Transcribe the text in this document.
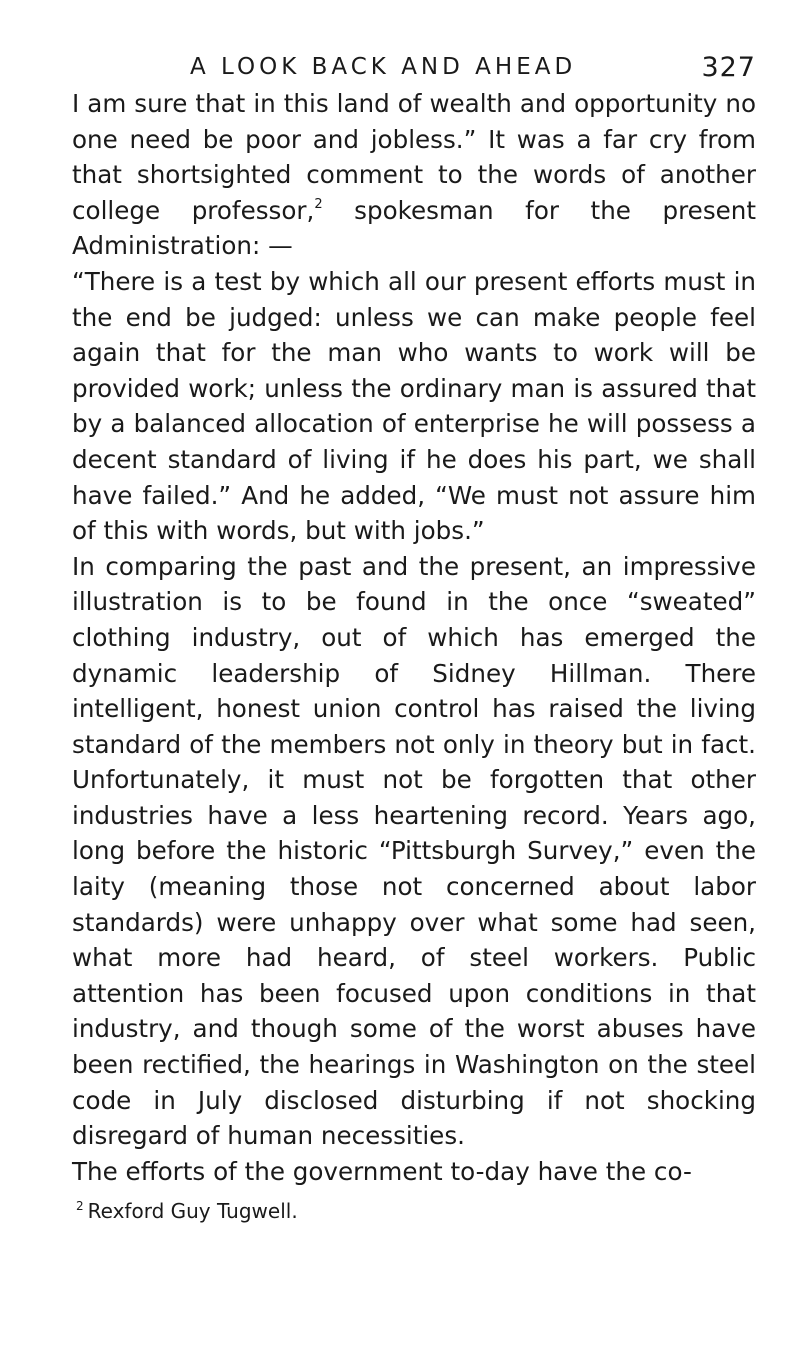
A LOOK BACK AND AHEAD	327

I am sure that in this land of wealth and opportunity no one need be poor and jobless.” It was a far cry from that shortsighted comment to the words of another college professor,$^2$ spokesman for the present Administration: —

“There is a test by which all our present efforts must in the end be judged: unless we can make people feel again that for the man who wants to work will be provided work; unless the ordinary man is assured that by a balanced allocation of enterprise he will possess a decent standard of living if he does his part, we shall have failed.” And he added, “We must not assure him of this with words, but with jobs.”

In comparing the past and the present, an impressive illustration is to be found in the once “sweated” clothing industry, out of which has emerged the dynamic leadership of Sidney Hillman. There intelligent, honest union control has raised the living standard of the members not only in theory but in fact. Unfortunately, it must not be forgotten that other industries have a less heartening record. Years ago, long before the historic “Pittsburgh Survey,” even the laity (meaning those not concerned about labor standards) were unhappy over what some had seen, what more had heard, of steel workers. Public attention has been focused upon conditions in that industry, and though some of the worst abuses have been rectified, the hearings in Washington on the steel code in July disclosed disturbing if not shocking disregard of human necessities.

The efforts of the government to-day have the co-

$^2$ Rexford Guy Tugwell.
